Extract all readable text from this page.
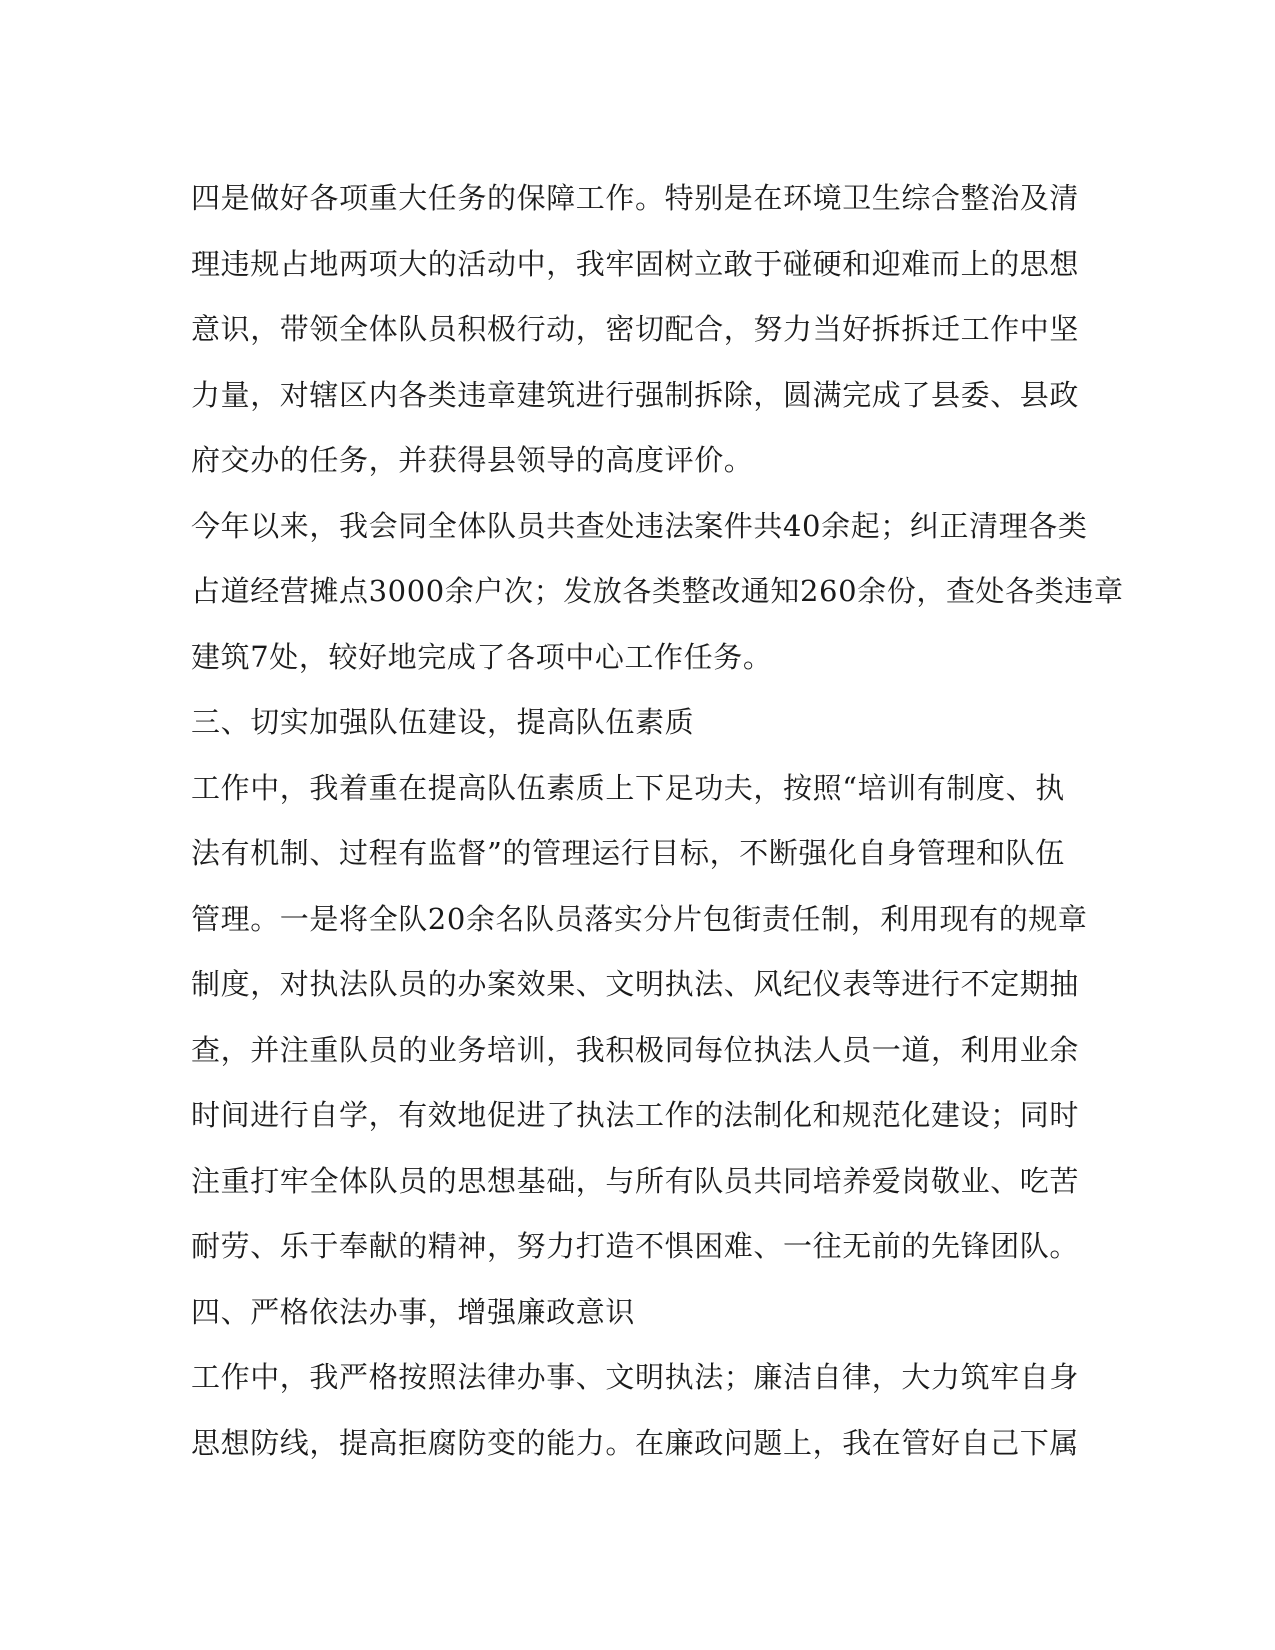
四是做好各项重大任务的保障工作。特别是在环境卫生综合整治及清
理违规占地两项大的活动中，我牢固树立敢于碰硬和迎难而上的思想
意识，带领全体队员积极行动，密切配合，努力当好拆拆迁工作中坚
力量，对辖区内各类违章建筑进行强制拆除，圆满完成了县委、县政
府交办的任务，并获得县领导的高度评价。
今年以来，我会同全体队员共查处违法案件共40余起；纠正清理各类
占道经营摊点3000余户次；发放各类整改通知260余份，查处各类违章
建筑7处，较好地完成了各项中心工作任务。
三、切实加强队伍建设，提高队伍素质
工作中，我着重在提高队伍素质上下足功夫，按照“培训有制度、执
法有机制、过程有监督”的管理运行目标，不断强化自身管理和队伍
管理。一是将全队20余名队员落实分片包街责任制，利用现有的规章
制度，对执法队员的办案效果、文明执法、风纪仪表等进行不定期抽
查，并注重队员的业务培训，我积极同每位执法人员一道，利用业余
时间进行自学，有效地促进了执法工作的法制化和规范化建设；同时
注重打牢全体队员的思想基础，与所有队员共同培养爱岗敬业、吃苦
耐劳、乐于奉献的精神，努力打造不惧困难、一往无前的先锋团队。
四、严格依法办事，增强廉政意识
工作中，我严格按照法律办事、文明执法；廉洁自律，大力筑牢自身
思想防线，提高拒腐防变的能力。在廉政问题上，我在管好自己下属
